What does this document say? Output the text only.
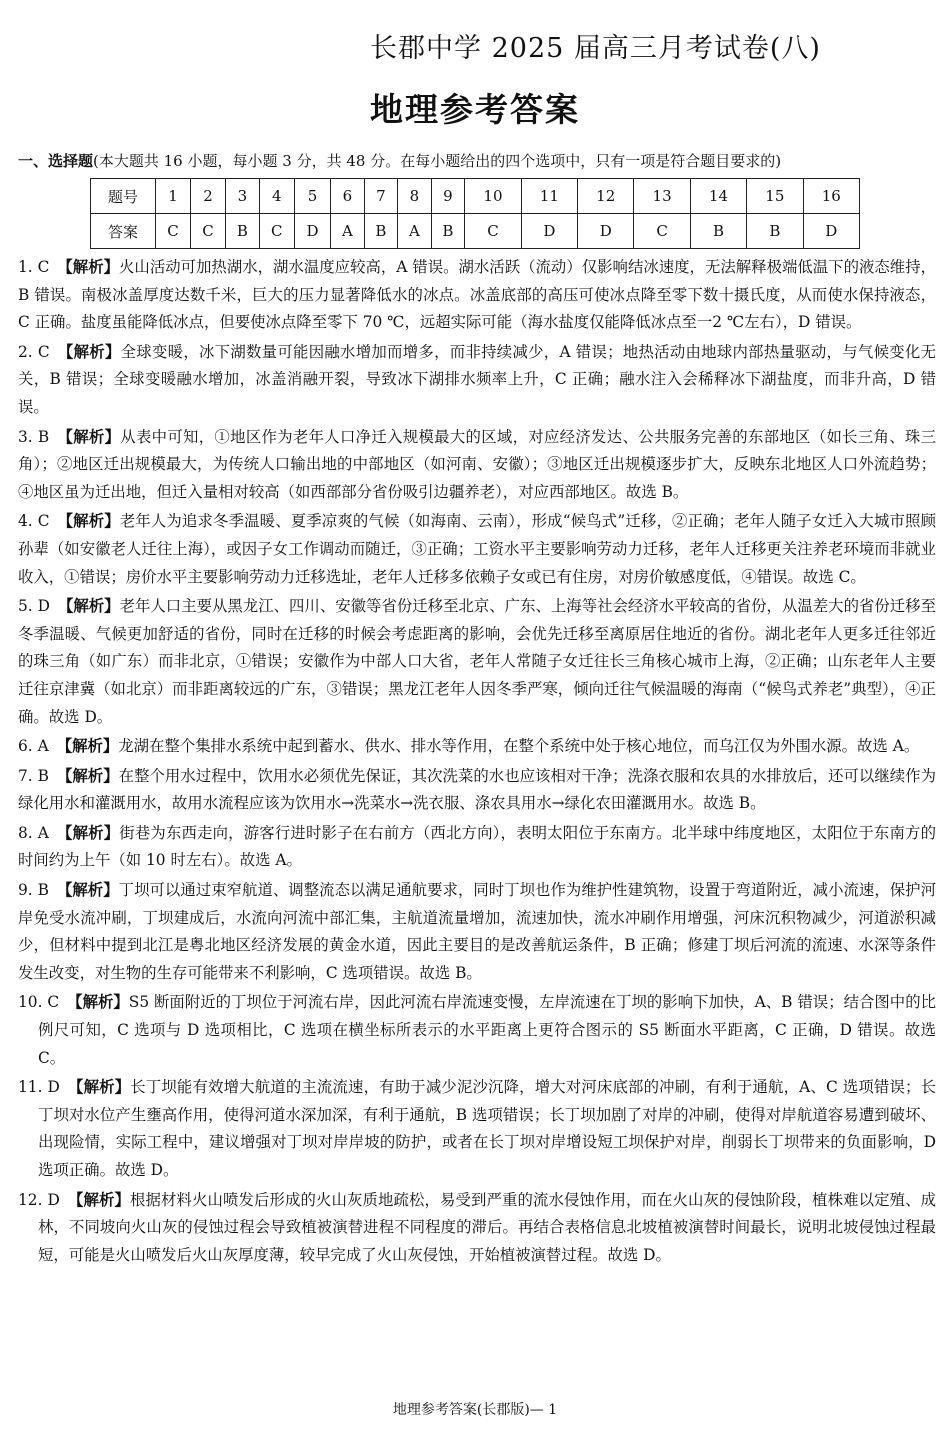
长郡中学 2025 届高三月考试卷(八)
地理参考答案
一、选择题(本大题共 16 小题，每小题 3 分，共 48 分。在每小题给出的四个选项中，只有一项是符合题目要求的)
题号	1	2	3	4	5	6	7	8	9	10	11	12	13	14	15	16
答案	C	C	B	C	D	A	B	A	B	C	D	D	C	B	B	D

1. C 【解析】火山活动可加热湖水，湖水温度应较高，A 错误。湖水活跃（流动）仅影响结冰速度，无法解释极端低温下的液态维持，B 错误。南极冰盖厚度达数千米，巨大的压力显著降低水的冰点。冰盖底部的高压可使冰点降至零下数十摄氏度，从而使水保持液态，C 正确。盐度虽能降低冰点，但要使冰点降至零下 70 ℃，远超实际可能（海水盐度仅能降低冰点至一2 ℃左右），D 错误。

2. C 【解析】全球变暖，冰下湖数量可能因融水增加而增多，而非持续减少，A 错误；地热活动由地球内部热量驱动，与气候变化无关，B 错误；全球变暖融水增加，冰盖消融开裂，导致冰下湖排水频率上升，C 正确；融水注入会稀释冰下湖盐度，而非升高，D 错误。

3. B 【解析】从表中可知，①地区作为老年人口净迁入规模最大的区域，对应经济发达、公共服务完善的东部地区（如长三角、珠三角）；②地区迁出规模最大，为传统人口输出地的中部地区（如河南、安徽）；③地区迁出规模逐步扩大，反映东北地区人口外流趋势；④地区虽为迁出地，但迁入量相对较高（如西部部分省份吸引边疆养老），对应西部地区。故选 B。

4. C 【解析】老年人为追求冬季温暖、夏季凉爽的气候（如海南、云南），形成“候鸟式”迁移，②正确；老年人随子女迁入大城市照顾孙辈（如安徽老人迁往上海），或因子女工作调动而随迁，③正确；工资水平主要影响劳动力迁移，老年人迁移更关注养老环境而非就业收入，①错误；房价水平主要影响劳动力迁移选址，老年人迁移多依赖子女或已有住房，对房价敏感度低，④错误。故选 C。

5. D 【解析】老年人口主要从黑龙江、四川、安徽等省份迁移至北京、广东、上海等社会经济水平较高的省份，从温差大的省份迁移至冬季温暖、气候更加舒适的省份，同时在迁移的时候会考虑距离的影响，会优先迁移至离原居住地近的省份。湖北老年人更多迁往邻近的珠三角（如广东）而非北京，①错误；安徽作为中部人口大省，老年人常随子女迁往长三角核心城市上海，②正确；山东老年人主要迁往京津冀（如北京）而非距离较远的广东，③错误；黑龙江老年人因冬季严寒，倾向迁往气候温暖的海南（“候鸟式养老”典型），④正确。故选 D。

6. A 【解析】龙湖在整个集排水系统中起到蓄水、供水、排水等作用，在整个系统中处于核心地位，而乌江仅为外围水源。故选 A。

7. B 【解析】在整个用水过程中，饮用水必须优先保证，其次洗菜的水也应该相对干净；洗涤衣服和农具的水排放后，还可以继续作为绿化用水和灌溉用水，故用水流程应该为饮用水→洗菜水→洗衣服、涤农具用水→绿化农田灌溉用水。故选 B。

8. A 【解析】街巷为东西走向，游客行进时影子在右前方（西北方向），表明太阳位于东南方。北半球中纬度地区，太阳位于东南方的时间约为上午（如 10 时左右）。故选 A。

9. B 【解析】丁坝可以通过束窄航道、调整流态以满足通航要求，同时丁坝也作为维护性建筑物，设置于弯道附近，减小流速，保护河岸免受水流冲刷，丁坝建成后，水流向河流中部汇集，主航道流量增加，流速加快，流水冲刷作用增强，河床沉积物减少，河道淤积减少，但材料中提到北江是粤北地区经济发展的黄金水道，因此主要目的是改善航运条件，B 正确；修建丁坝后河流的流速、水深等条件发生改变，对生物的生存可能带来不利影响，C 选项错误。故选 B。

10. C 【解析】S5 断面附近的丁坝位于河流右岸，因此河流右岸流速变慢，左岸流速在丁坝的影响下加快，A、B 错误；结合图中的比例尺可知，C 选项与 D 选项相比，C 选项在横坐标所表示的水平距离上更符合图示的 S5 断面水平距离，C 正确，D 错误。故选 C。

11. D 【解析】长丁坝能有效增大航道的主流流速，有助于减少泥沙沉降，增大对河床底部的冲刷，有利于通航，A、C 选项错误；长丁坝对水位产生壅高作用，使得河道水深加深，有利于通航，B 选项错误；长丁坝加剧了对岸的冲刷，使得对岸航道容易遭到破坏、出现险情，实际工程中，建议增强对丁坝对岸岸坡的防护，或者在长丁坝对岸增设短工坝保护对岸，削弱长丁坝带来的负面影响，D 选项正确。故选 D。

12. D 【解析】根据材料火山喷发后形成的火山灰质地疏松，易受到严重的流水侵蚀作用，而在火山灰的侵蚀阶段，植株难以定殖、成林，不同坡向火山灰的侵蚀过程会导致植被演替进程不同程度的滞后。再结合表格信息北坡植被演替时间最长，说明北坡侵蚀过程最短，可能是火山喷发后火山灰厚度薄，较早完成了火山灰侵蚀，开始植被演替过程。故选 D。

地理参考答案(长郡版)— 1
